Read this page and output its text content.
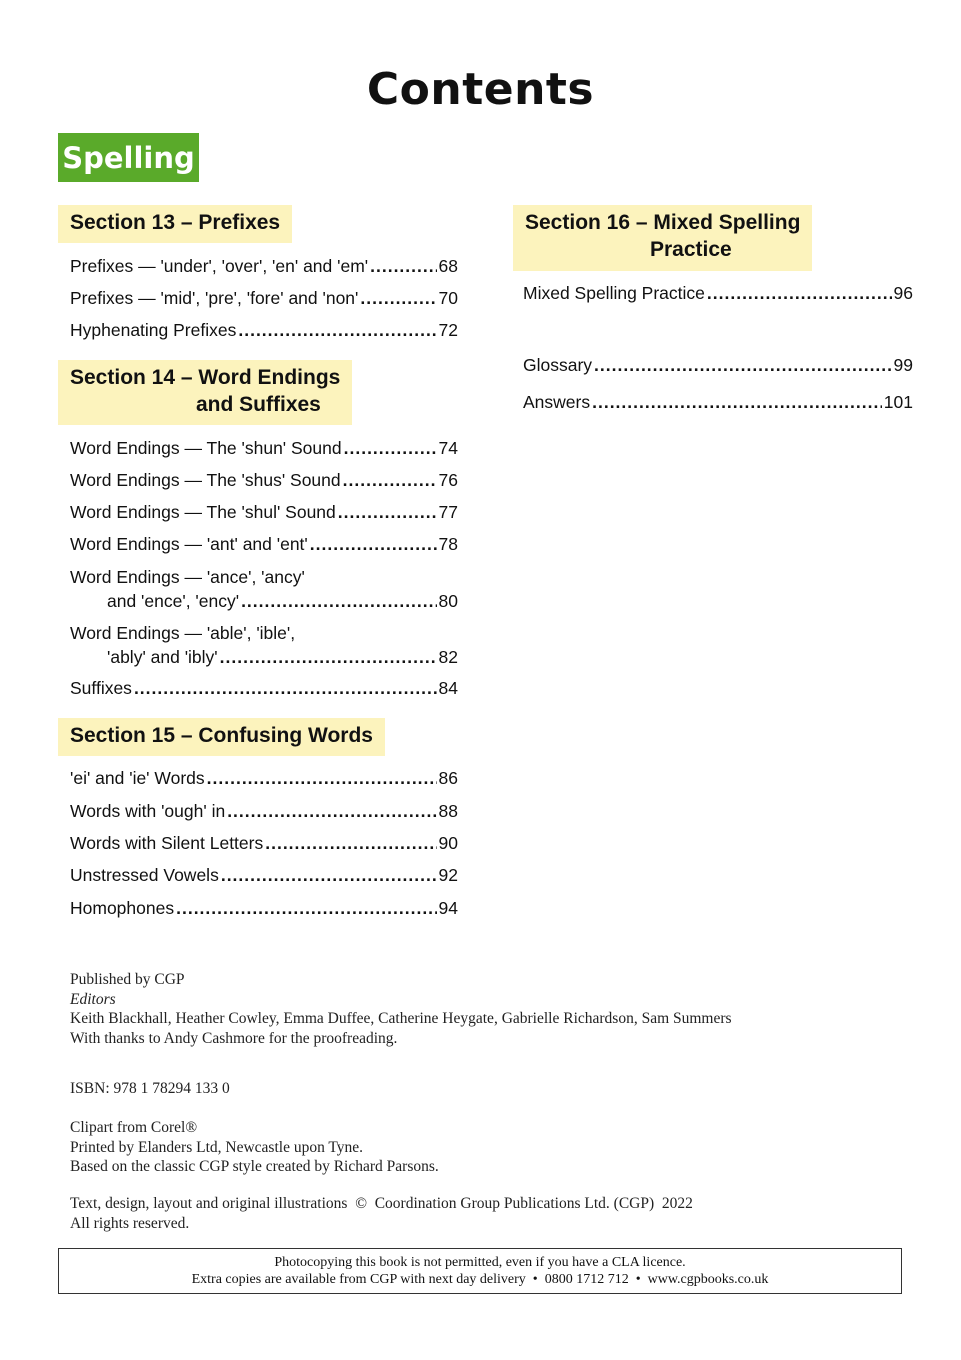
Contents
Spelling
Section 13 – Prefixes
Prefixes — 'under', 'over', 'en' and 'em' .....	68
Prefixes — 'mid', 'pre', 'fore' and 'non' .....	70
Hyphenating Prefixes .....	72
Section 14 – Word Endings
and Suffixes
Word Endings — The 'shun' Sound .....	74
Word Endings — The 'shus' Sound .....	76
Word Endings — The 'shul' Sound .....	77
Word Endings — 'ant' and 'ent' .....	78
Word Endings — 'ance', 'ancy'
and 'ence', 'ency' .....	80
Word Endings — 'able', 'ible',
'ably' and 'ibly' .....	82
Suffixes .....	84
Section 15 – Confusing Words
'ei' and 'ie' Words .....	86
Words with 'ough' in .....	88
Words with Silent Letters .....	90
Unstressed Vowels .....	92
Homophones .....	94
Section 16 – Mixed Spelling
Practice
Mixed Spelling Practice .....	96
Glossary .....	99
Answers .....	101
Published by CGP
Editors
Keith Blackhall, Heather Cowley, Emma Duffee, Catherine Heygate, Gabrielle Richardson, Sam Summers
With thanks to Andy Cashmore for the proofreading.
ISBN: 978 1 78294 133 0
Clipart from Corel®
Printed by Elanders Ltd, Newcastle upon Tyne.
Based on the classic CGP style created by Richard Parsons.
Text, design, layout and original illustrations  ©  Coordination Group Publications Ltd. (CGP)  2022
All rights reserved.
Photocopying this book is not permitted, even if you have a CLA licence.
Extra copies are available from CGP with next day delivery  •  0800 1712 712  •  www.cgpbooks.co.uk
